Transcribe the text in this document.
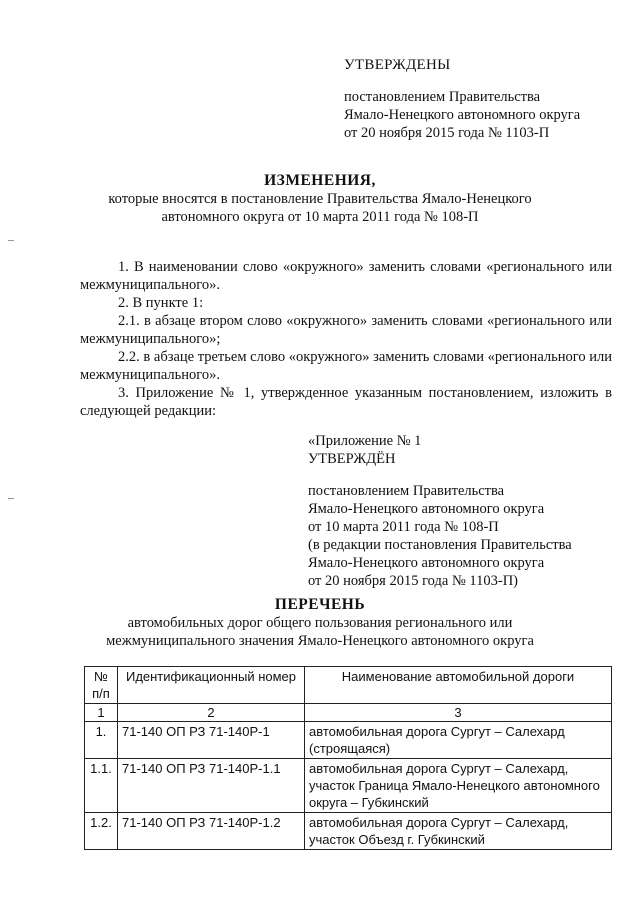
УТВЕРЖДЕНЫ
постановлением Правительства
Ямало-Ненецкого автономного округа
от 20 ноября 2015 года № 1103-П
ИЗМЕНЕНИЯ,
которые вносятся в постановление Правительства Ямало-Ненецкого
автономного округа от 10 марта 2011 года № 108-П

1. В наименовании слово «окружного» заменить словами «регионального или межмуниципального».

2. В пункте 1:

2.1. в абзаце втором слово «окружного» заменить словами «регионального или межмуниципального»;

2.2. в абзаце третьем слово «окружного» заменить словами «регионального или межмуниципального».

3. Приложение № 1, утвержденное указанным постановлением, изложить в следующей редакции:

«Приложение № 1
УТВЕРЖДЁН
постановлением Правительства
Ямало-Ненецкого автономного округа
от 10 марта 2011 года № 108-П
(в редакции постановления Правительства
Ямало-Ненецкого автономного округа
от 20 ноября 2015 года № 1103-П)
ПЕРЕЧЕНЬ
автомобильных дорог общего пользования регионального или
межмуниципального значения Ямало-Ненецкого автономного округа
№ п/п	Идентификационный номер	Наименование автомобильной дороги
1	2	3
1.	71-140 ОП РЗ 71-140Р-1	автомобильная дорога Сургут – Салехард (строящаяся)
1.1.	71-140 ОП РЗ 71-140Р-1.1	автомобильная дорога Сургут – Салехард, участок Граница Ямало-Ненецкого автономного округа – Губкинский
1.2.	71-140 ОП РЗ 71-140Р-1.2	автомобильная дорога Сургут – Салехард, участок Объезд г. Губкинский
